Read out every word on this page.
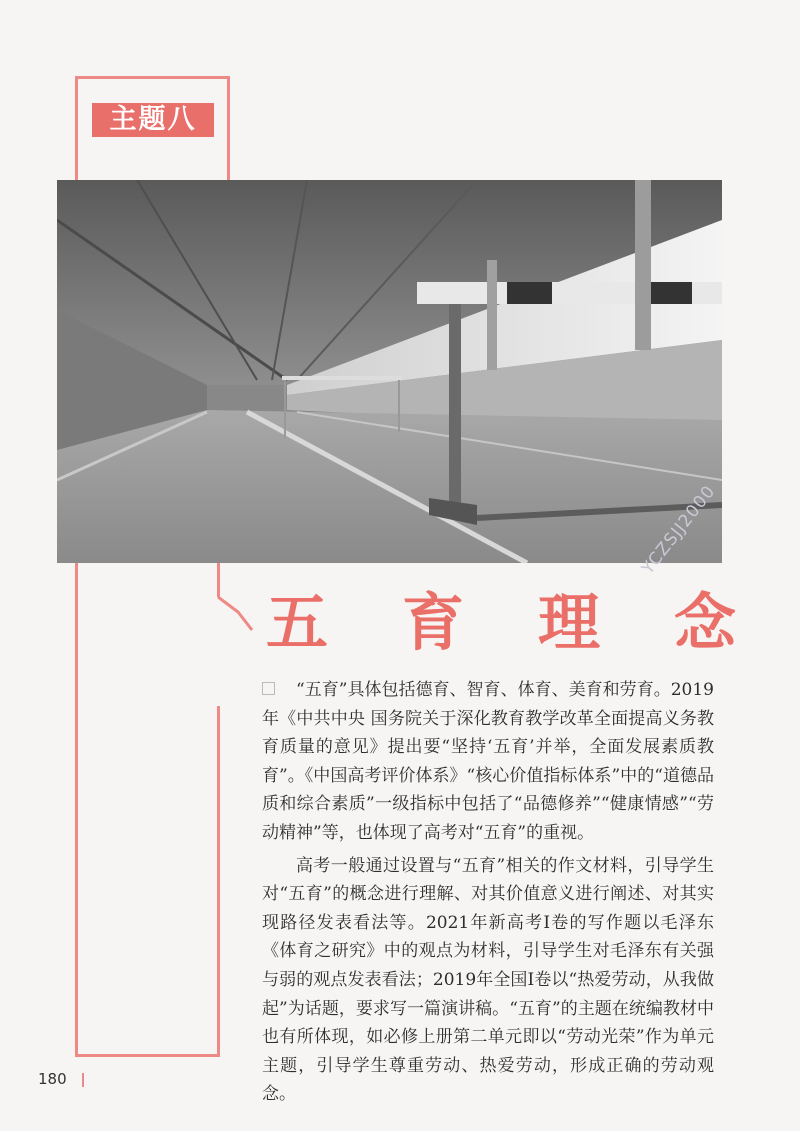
主题八
五 育 理 念
YCZSJJ2000

“五育”具体包括德育、智育、体育、美育和劳育。2019年《中共中央 国务院关于深化教育教学改革全面提高义务教育质量的意见》提出要“坚持‘五育’并举，全面发展素质教育”。《中国高考评价体系》“核心价值指标体系”中的“道德品质和综合素质”一级指标中包括了“品德修养”“健康情感”“劳动精神”等，也体现了高考对“五育”的重视。

高考一般通过设置与“五育”相关的作文材料，引导学生对“五育”的概念进行理解、对其价值意义进行阐述、对其实现路径发表看法等。2021年新高考Ⅰ卷的写作题以毛泽东《体育之研究》中的观点为材料，引导学生对毛泽东有关强与弱的观点发表看法；2019年全国Ⅰ卷以“热爱劳动，从我做起”为话题，要求写一篇演讲稿。“五育”的主题在统编教材中也有所体现，如必修上册第二单元即以“劳动光荣”作为单元主题，引导学生尊重劳动、热爱劳动，形成正确的劳动观念。

180
